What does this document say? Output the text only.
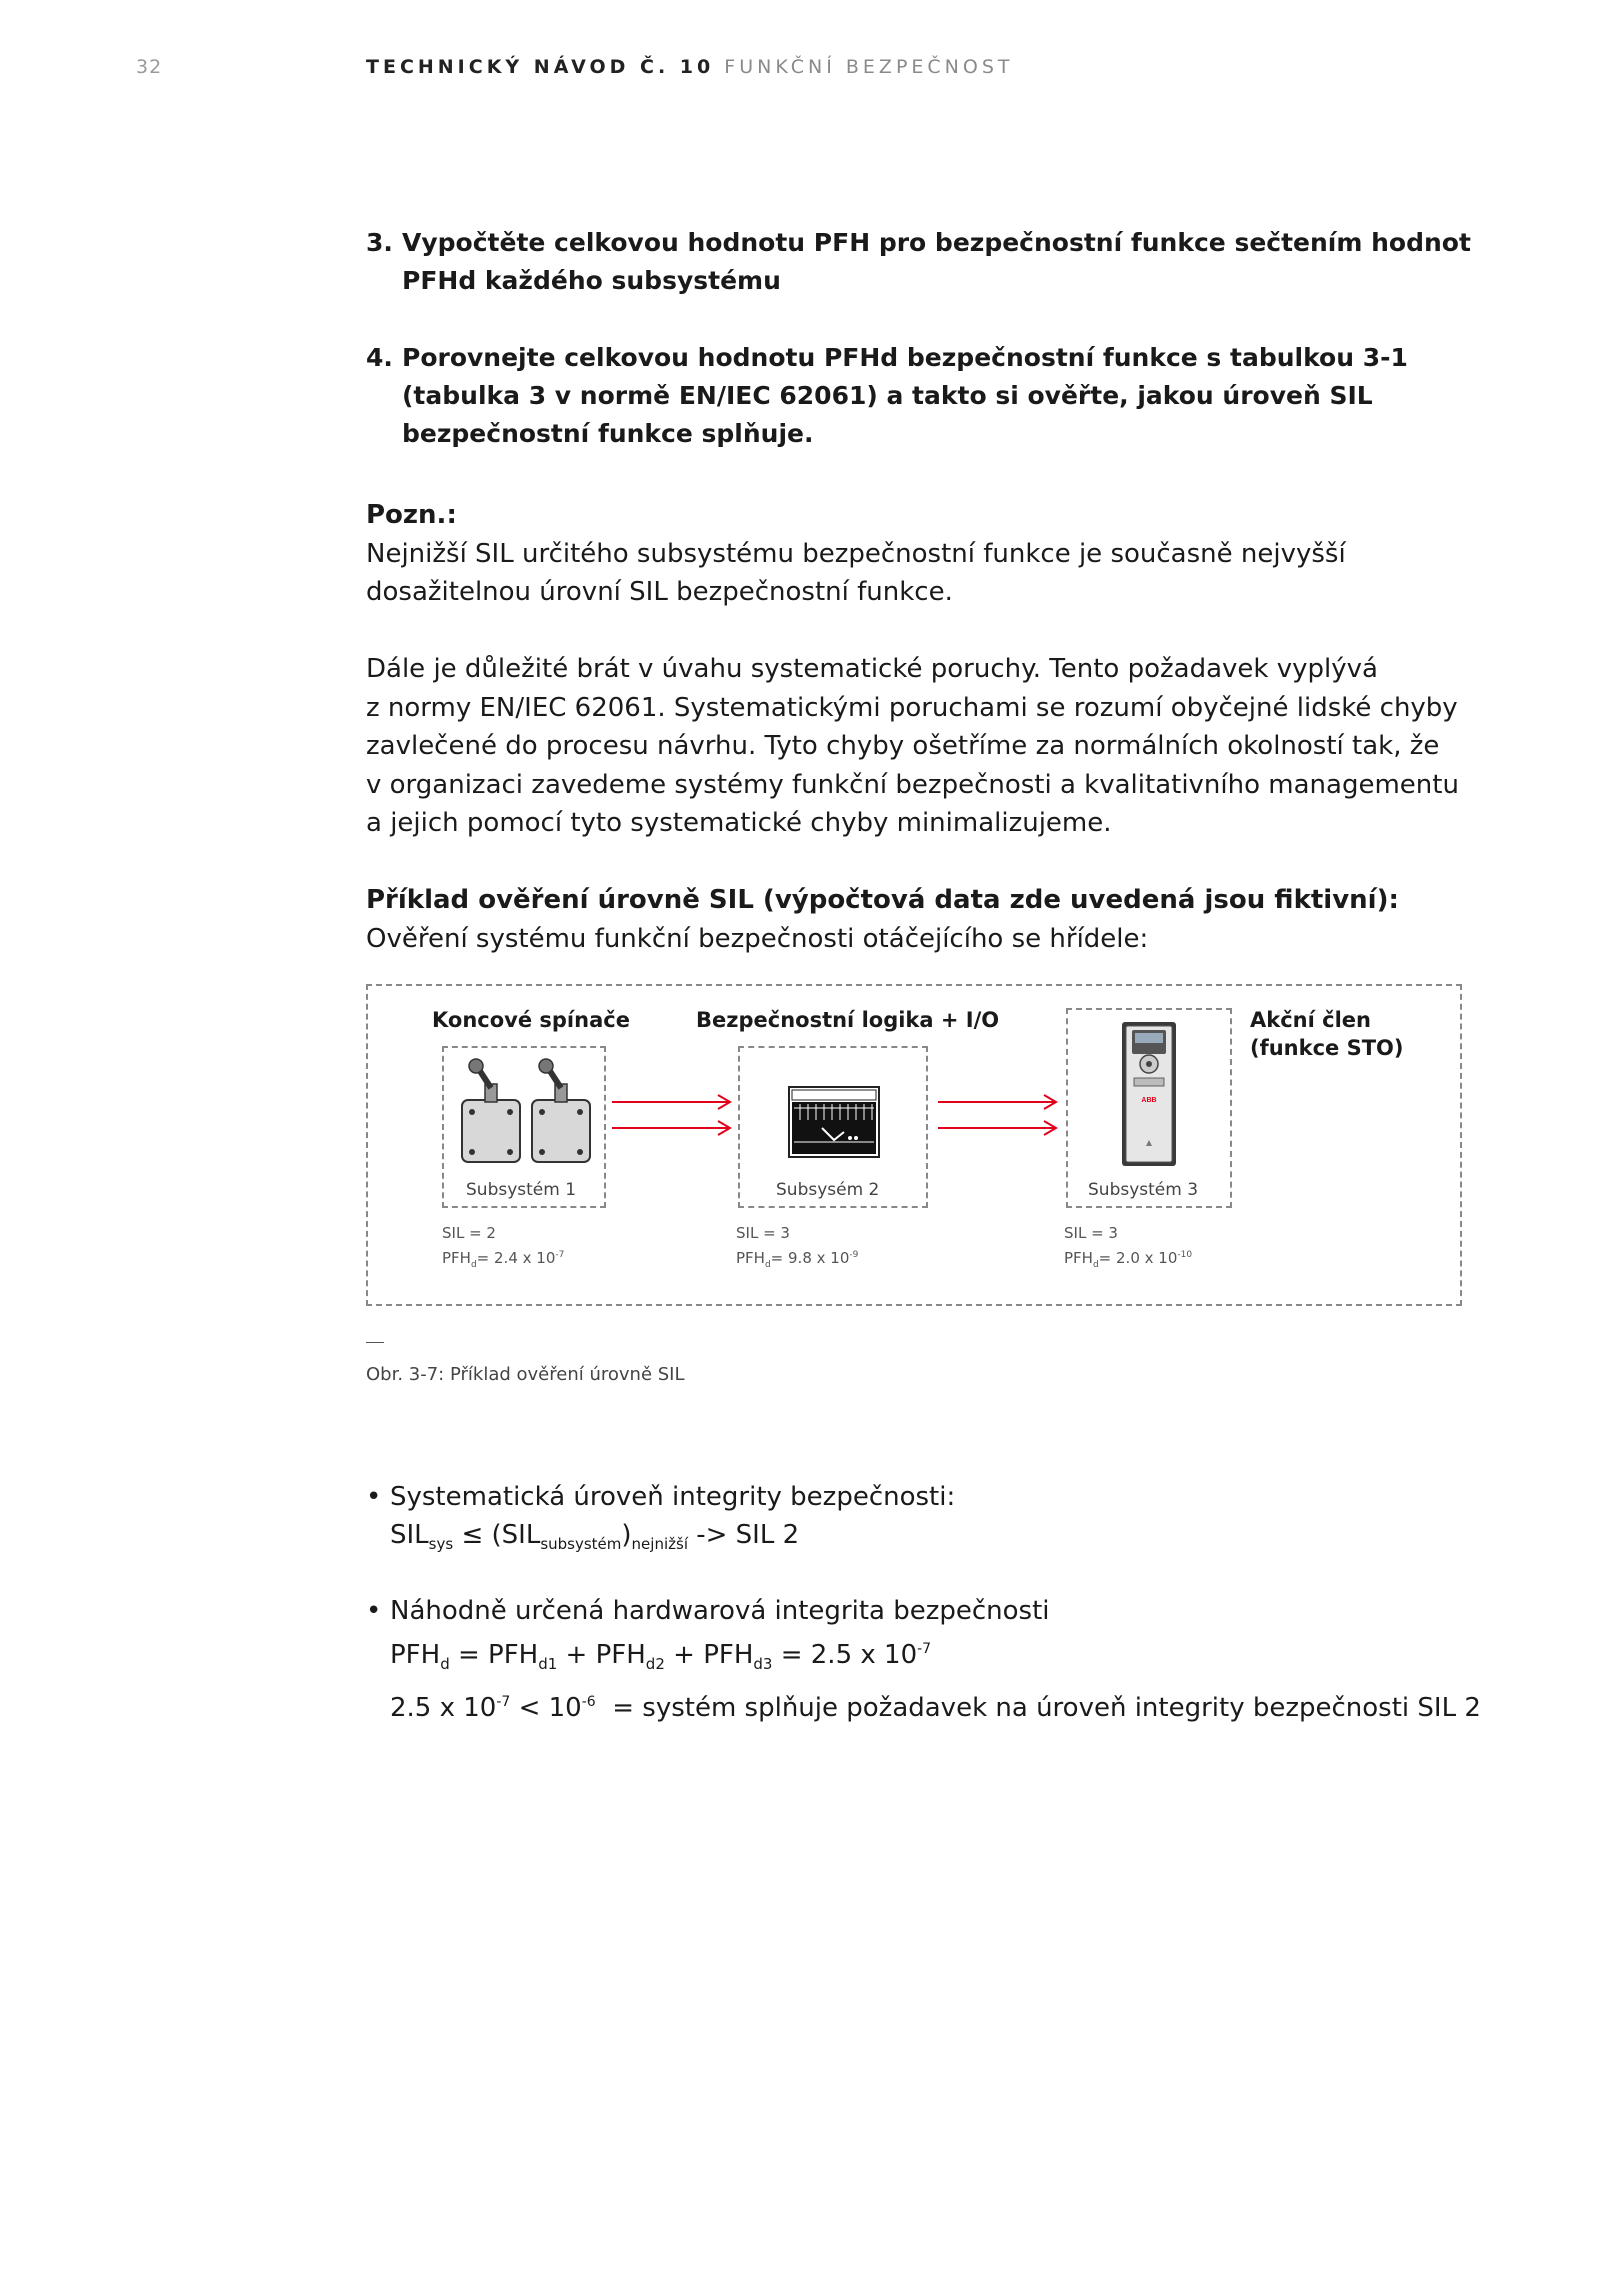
32	TECHNICKÝ NÁVOD Č. 10 FUNKČNÍ BEZPEČNOST
3. Vypočtěte celkovou hodnotu PFH pro bezpečnostní funkce sečtením hodnot
PFHd každého subsystému
4. Porovnejte celkovou hodnotu PFHd bezpečnostní funkce s tabulkou 3-1
(tabulka 3 v normě EN/IEC 62061) a takto si ověřte, jakou úroveň SIL
bezpečnostní funkce splňuje.
Pozn.:
Nejnižší SIL určitého subsystému bezpečnostní funkce je současně nejvyšší
dosažitelnou úrovní SIL bezpečnostní funkce.
Dále je důležité brát v úvahu systematické poruchy. Tento požadavek vyplývá
z normy EN/IEC 62061. Systematickými poruchami se rozumí obyčejné lidské chyby
zavlečené do procesu návrhu. Tyto chyby ošetříme za normálních okolností tak, že
v organizaci zavedeme systémy funkční bezpečnosti a kvalitativního managementu
a jejich pomocí tyto systematické chyby minimalizujeme.
Příklad ověření úrovně SIL (výpočtová data zde uvedená jsou fiktivní):
Ověření systému funkční bezpečnosti otáčejícího se hřídele:
Koncové spínače	Bezpečnostní logika + I/O	Akční člen
(funkce STO)
ABB
Subsystém 1	Subsysém 2	Subsystém 3
SIL = 2
$PFH_d= 2.4$ x $10^{-7}$
SIL = 3
$PFH_d= 9.8$ x $10^{-9}$
SIL = 3
$PFH_d= 2.0$ x $10^{-10}$
Obr. 3-7: Příklad ověření úrovně SIL
• Systematická úroveň integrity bezpečnosti:
$SIL_{sys} \le (SIL_{subsystém})_{nejnižší}$ -> SIL 2
• Náhodně určená hardwarová integrita bezpečnosti
$PFH_d = PFH_{d1} + PFH_{d2} + PFH_{d3} = 2.5$ x $10^{-7}$
2.5 x $10^{-7} < 10^{-6}$  = systém splňuje požadavek na úroveň integrity bezpečnosti SIL 2
